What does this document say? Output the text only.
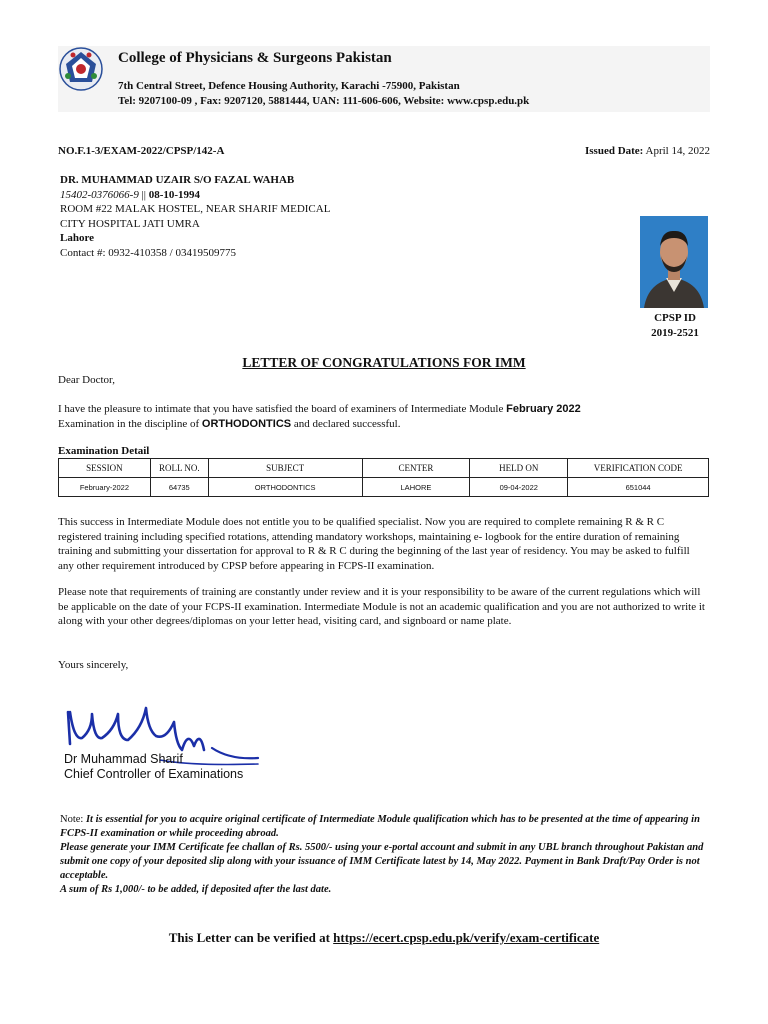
College of Physicians & Surgeons Pakistan
7th Central Street, Defence Housing Authority, Karachi -75900, Pakistan
Tel: 9207100-09 , Fax: 9207120, 5881444, UAN: 111-606-606, Website: www.cpsp.edu.pk
NO.F.1-3/EXAM-2022/CPSP/142-A	Issued Date: April 14, 2022
DR. MUHAMMAD UZAIR S/O FAZAL WAHAB
15402-0376066-9 || 08-10-1994
ROOM #22 MALAK HOSTEL, NEAR SHARIF MEDICAL
CITY HOSPITAL JATI UMRA
Lahore
Contact #: 0932-410358 / 03419509775
CPSP ID
2019-2521
LETTER OF CONGRATULATIONS FOR IMM
Dear Doctor,
I have the pleasure to intimate that you have satisfied the board of examiners of Intermediate Module February 2022
Examination in the discipline of ORTHODONTICS and declared successful.
Examination Detail
SESSION	ROLL NO.	SUBJECT	CENTER	HELD ON	VERIFICATION CODE
February-2022	64735	ORTHODONTICS	LAHORE	09-04-2022	651044
This success in Intermediate Module does not entitle you to be qualified specialist. Now you are required to complete remaining R & R C registered training including specified rotations, attending mandatory workshops, maintaining e- logbook for the entire duration of remaining training and submitting your dissertation for approval to R & R C during the beginning of the last year of residency. You may be asked to fulfill any other requirement introduced by CPSP before appearing in FCPS-II examination.
Please note that requirements of training are constantly under review and it is your responsibility to be aware of the current regulations which will be applicable on the date of your FCPS-II examination. Intermediate Module is not an academic qualification and you are not authorized to write it along with your other degrees/diplomas on your letter head, visiting card, and signboard or name plate.
Yours sincerely,
Dr Muhammad Sharif
Chief Controller of Examinations
Note: It is essential for you to acquire original certificate of Intermediate Module qualification which has to be presented at the time of appearing in FCPS-II examination or while proceeding abroad.
Please generate your IMM Certificate fee challan of Rs. 5500/- using your e-portal account and submit in any UBL branch throughout Pakistan and submit one copy of your deposited slip along with your issuance of IMM Certificate latest by 14, May 2022. Payment in Bank Draft/Pay Order is not acceptable.
A sum of Rs 1,000/- to be added, if deposited after the last date.
This Letter can be verified at https://ecert.cpsp.edu.pk/verify/exam-certificate
